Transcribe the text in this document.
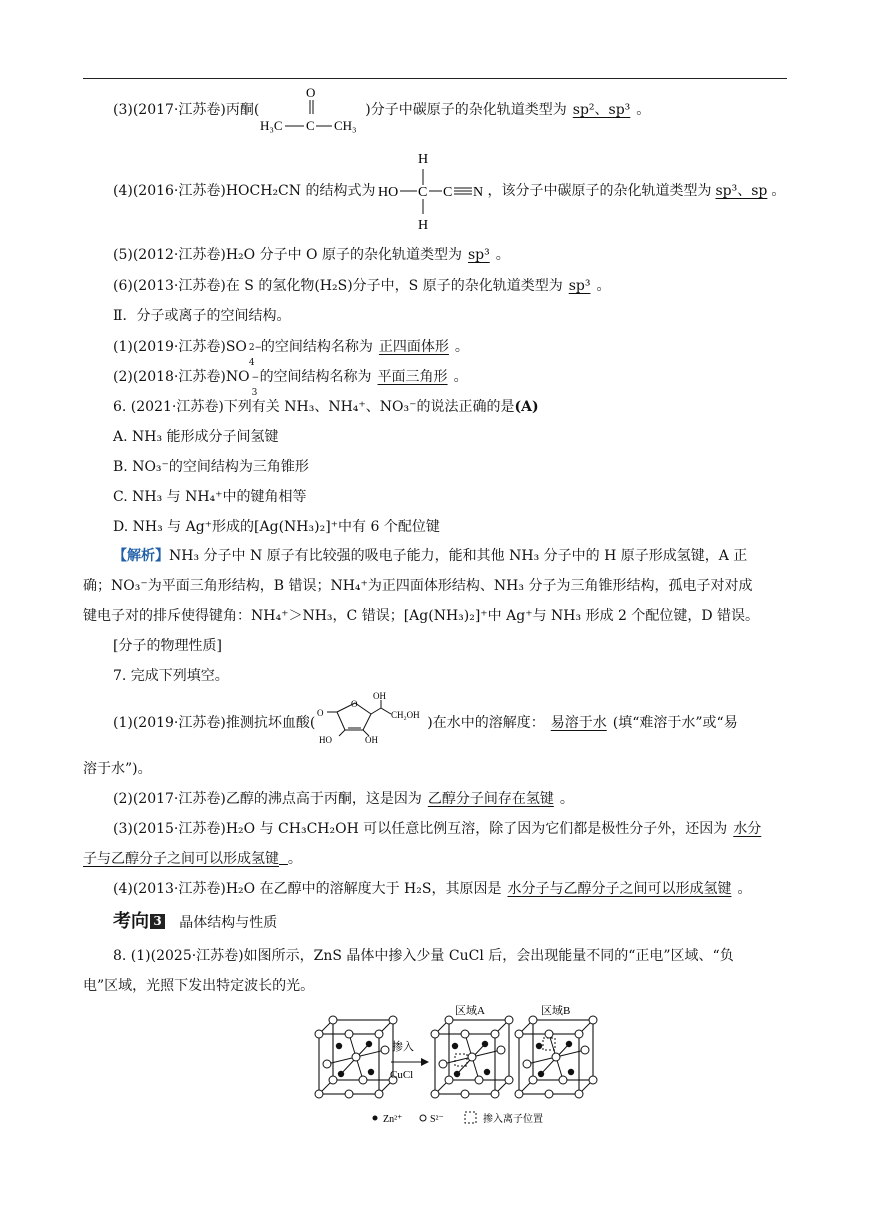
(3)(2017·江苏卷)丙酮(	)分子中碳原子的杂化轨道类型为 sp²、sp³ 。
O
H₃C C CH₃
(4)(2016·江苏卷)HOCH₂CN 的结构式为	，该分子中碳原子的杂化轨道类型为 sp³、sp 。
H
HO C C N
H
(5)(2012·江苏卷)H₂O 分子中 O 原子的杂化轨道类型为 sp³ 。
(6)(2013·江苏卷)在 S 的氢化物(H₂S)分子中，S 原子的杂化轨道类型为 sp³ 。
Ⅱ．分子或离子的空间结构。
(1)(2019·江苏卷)SO 2−
4
的空间结构名称为 正四面体形 。
(2)(2018·江苏卷)NO −
3
的空间结构名称为 平面三角形 。
6. (2021·江苏卷)下列有关 NH₃、NH₄⁺、NO₃⁻的说法正确的是(A)
A. NH₃ 能形成分子间氢键
B. NO₃⁻的空间结构为三角锥形
C. NH₃ 与 NH₄⁺中的键角相等
D. NH₃ 与 Ag⁺形成的[Ag(NH₃)₂]⁺中有 6 个配位键
【解析】NH₃ 分子中 N 原子有比较强的吸电子能力，能和其他 NH₃ 分子中的 H 原子形成氢键，A 正
确；NO₃⁻为平面三角形结构，B 错误；NH₄⁺为正四面体形结构、NH₃ 分子为三角锥形结构，孤电子对对成
键电子对的排斥使得键角：NH₄⁺＞NH₃，C 错误；[Ag(NH₃)₂]⁺中 Ag⁺与 NH₃ 形成 2 个配位键，D 错误。
[分子的物理性质]
7. 完成下列填空。
(1)(2019·江苏卷)推测抗坏血酸(	)在水中的溶解度： 易溶于水 (填“难溶于水”或“易
O
O
OH
CH₂OH
HO	OH
溶于水”)。
(2)(2017·江苏卷)乙醇的沸点高于丙酮，这是因为 乙醇分子间存在氢键 。
(3)(2015·江苏卷)H₂O 与 CH₃CH₂OH 可以任意比例互溶，除了因为它们都是极性分子外，还因为 水分
子与乙醇分子之间可以形成氢键 。
(4)(2013·江苏卷)H₂O 在乙醇中的溶解度大于 H₂S，其原因是 水分子与乙醇分子之间可以形成氢键 。
考向 3 晶体结构与性质
8. (1)(2025·江苏卷)如图所示，ZnS 晶体中掺入少量 CuCl 后，会出现能量不同的“正电”区域、“负
电”区域，光照下发出特定波长的光。
掺入
CuCl
区域A	区域B
Zn²⁺	S²⁻	掺入离子位置
